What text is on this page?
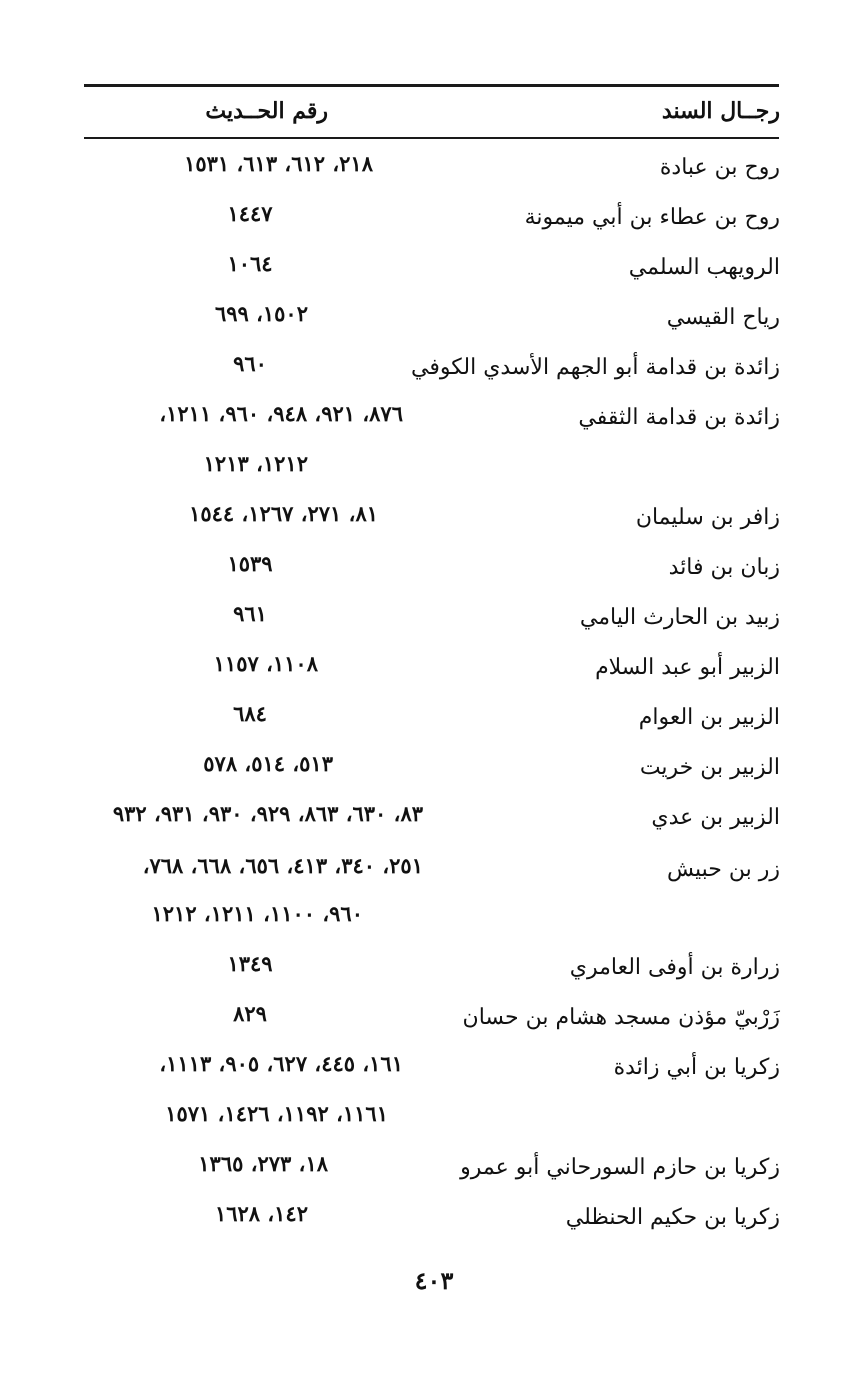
رجــال السند
رقم الحــديث
روح بن عبادة
٢١٨، ٦١٢، ٦١٣، ١٥٣١
روح بن عطاء بن أبي ميمونة
١٤٤٧
الرويهب السلمي
١٠٦٤
رياح القيسي
١٥٠٢، ٦٩٩
زائدة بن قدامة أبو الجهم الأسدي الكوفي
٩٦٠
زائدة بن قدامة الثقفي
٨٧٦، ٩٢١، ٩٤٨، ٩٦٠، ١٢١١،
١٢١٢، ١٢١٣
زافر بن سليمان
٨١، ٢٧١، ١٢٦٧، ١٥٤٤
زبان بن فائد
١٥٣٩
زبيد بن الحارث اليامي
٩٦١
الزبير أبو عبد السلام
١١٠٨، ١١٥٧
الزبير بن العوام
٦٨٤
الزبير بن خريت
٥١٣، ٥١٤، ٥٧٨
الزبير بن عدي
٨٣، ٦٣٠، ٨٦٣، ٩٢٩، ٩٣٠، ٩٣١، ٩٣٢
زر بن حبيش
٢٥١، ٣٤٠، ٤١٣، ٦٥٦، ٦٦٨، ٧٦٨،
٩٦٠، ١١٠٠، ١٢١١، ١٢١٢
زرارة بن أوفى العامري
١٣٤٩
زَرْبيّ مؤذن مسجد هشام بن حسان
٨٢٩
زكريا بن أبي زائدة
١٦١، ٤٤٥، ٦٢٧، ٩٠٥، ١١١٣،
١١٦١، ١١٩٢، ١٤٢٦، ١٥٧١
زكريا بن حازم السورحاني أبو عمرو
١٨، ٢٧٣، ١٣٦٥
زكريا بن حكيم الحنظلي
١٤٢، ١٦٢٨
٤٠٣
